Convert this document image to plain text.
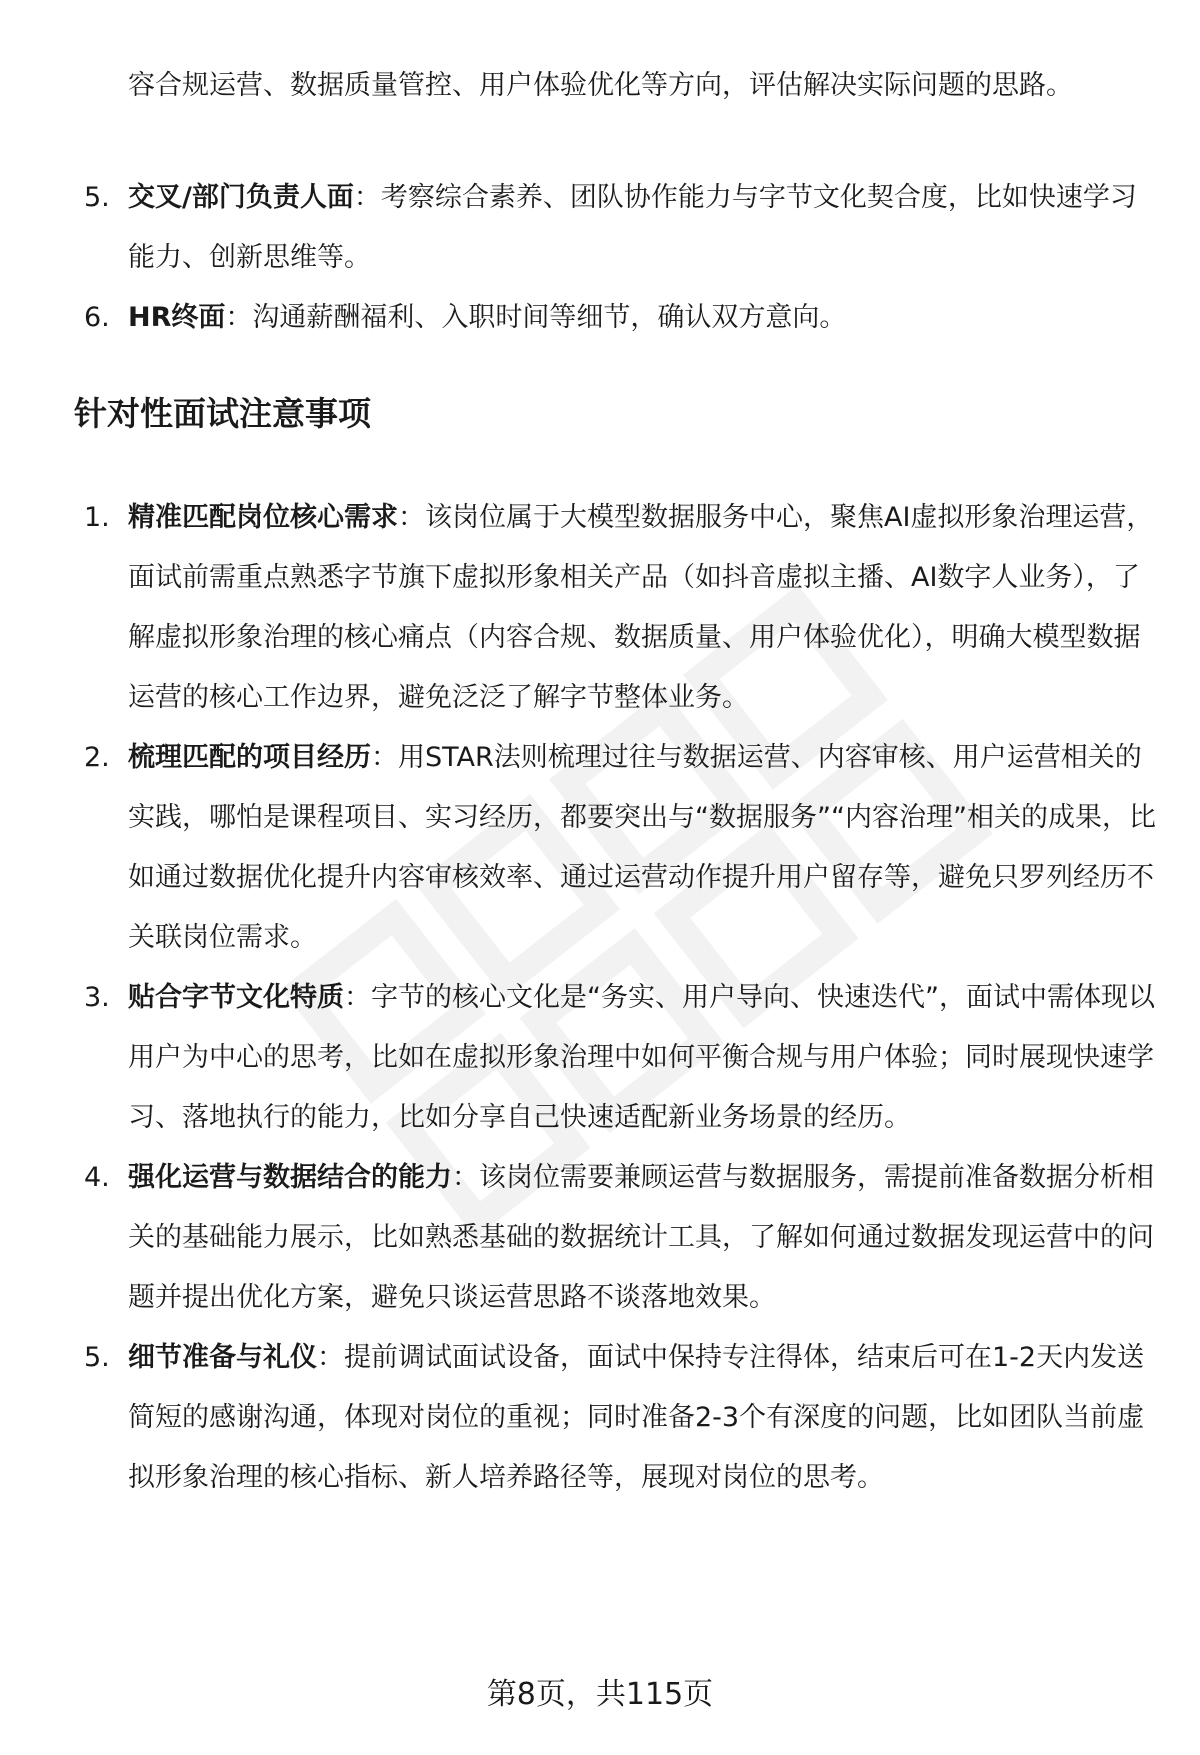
容合规运营、数据质量管控、用户体验优化等方向，评估解决实际问题的思路。
5. 交叉/部门负责人面：考察综合素养、团队协作能力与字节文化契合度，比如快速学习能力、创新思维等。
6. HR终面：沟通薪酬福利、入职时间等细节，确认双方意向。
针对性面试注意事项
1. 精准匹配岗位核心需求：该岗位属于大模型数据服务中心，聚焦AI虚拟形象治理运营，面试前需重点熟悉字节旗下虚拟形象相关产品（如抖音虚拟主播、AI数字人业务），了解虚拟形象治理的核心痛点（内容合规、数据质量、用户体验优化），明确大模型数据运营的核心工作边界，避免泛泛了解字节整体业务。
2. 梳理匹配的项目经历：用STAR法则梳理过往与数据运营、内容审核、用户运营相关的实践，哪怕是课程项目、实习经历，都要突出与“数据服务”“内容治理”相关的成果，比如通过数据优化提升内容审核效率、通过运营动作提升用户留存等，避免只罗列经历不关联岗位需求。
3. 贴合字节文化特质：字节的核心文化是“务实、用户导向、快速迭代”，面试中需体现以用户为中心的思考，比如在虚拟形象治理中如何平衡合规与用户体验；同时展现快速学习、落地执行的能力，比如分享自己快速适配新业务场景的经历。
4. 强化运营与数据结合的能力：该岗位需要兼顾运营与数据服务，需提前准备数据分析相关的基础能力展示，比如熟悉基础的数据统计工具，了解如何通过数据发现运营中的问题并提出优化方案，避免只谈运营思路不谈落地效果。
5. 细节准备与礼仪：提前调试面试设备，面试中保持专注得体，结束后可在1-2天内发送简短的感谢沟通，体现对岗位的重视；同时准备2-3个有深度的问题，比如团队当前虚拟形象治理的核心指标、新人培养路径等，展现对岗位的思考。
第8页，共115页
